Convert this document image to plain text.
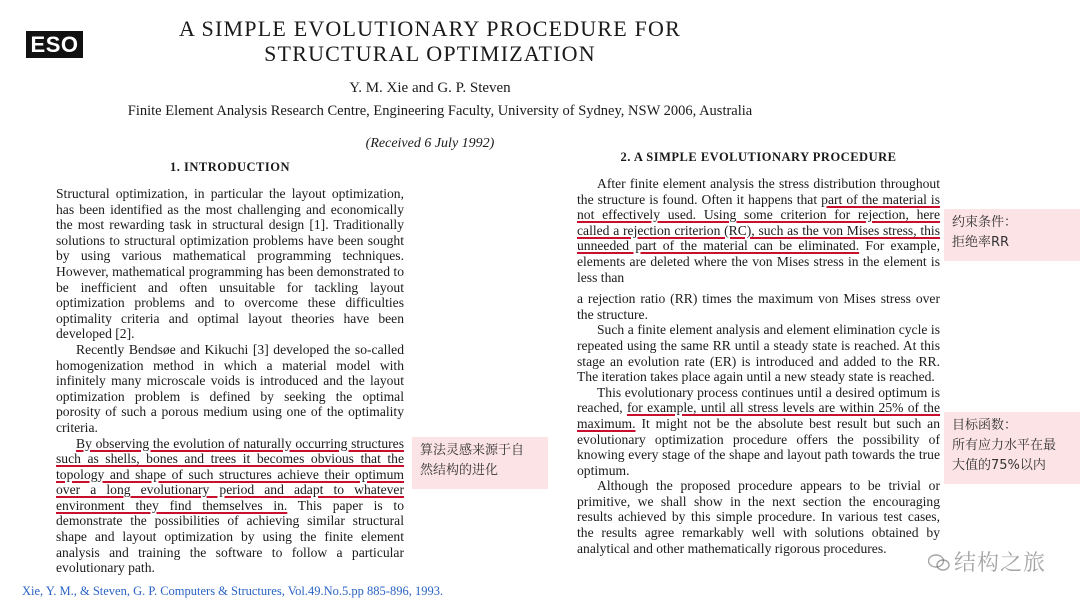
ESO
A SIMPLE EVOLUTIONARY PROCEDURE FOR
STRUCTURAL OPTIMIZATION
Y. M. Xie and G. P. Steven
Finite Element Analysis Research Centre, Engineering Faculty, University of Sydney, NSW 2006, Australia
(Received 6 July 1992)
1. INTRODUCTION

Structural optimization, in particular the layout optimization, has been identified as the most challenging and economically the most rewarding task in structural design [1]. Traditionally solutions to structural optimization problems have been sought by using various mathematical programming techniques. However, mathematical programming has been demonstrated to be inefficient and often unsuitable for tackling layout optimization problems and to overcome these difficulties optimality criteria and optimal layout theories have been developed [2].

Recently Bendsøe and Kikuchi [3] developed the so-called homogenization method in which a material model with infinitely many microscale voids is introduced and the layout optimization problem is defined by seeking the optimal porosity of such a porous medium using one of the optimality criteria.

By observing the evolution of naturally occurring structures such as shells, bones and trees it becomes obvious that the topology and shape of such structures achieve their optimum over a long evolutionary period and adapt to whatever environment they find themselves in. This paper is to demonstrate the possibilities of achieving similar structural shape and layout optimization by using the finite element analysis and training the software to follow a particular evolutionary path.

2. A SIMPLE EVOLUTIONARY PROCEDURE

After finite element analysis the stress distribution throughout the structure is found. Often it happens that part of the material is not effectively used. Using some criterion for rejection, here called a rejection criterion (RC), such as the von Mises stress, this unneeded part of the material can be eliminated. For example, elements are deleted where the von Mises stress in the element is less than

a rejection ratio (RR) times the maximum von Mises stress over the structure.

Such a finite element analysis and element elimination cycle is repeated using the same RR until a steady state is reached. At this stage an evolution rate (ER) is introduced and added to the RR. The iteration takes place again until a new steady state is reached.

This evolutionary process continues until a desired optimum is reached, for example, until all stress levels are within 25% of the maximum. It might not be the absolute best result but such an evolutionary optimization procedure offers the possibility of knowing every stage of the shape and layout path towards the true optimum.

Although the proposed procedure appears to be trivial or primitive, we shall show in the next section the encouraging results achieved by this simple procedure. In various test cases, the results agree remarkably well with solutions obtained by analytical and other mathematically rigorous procedures.

算法灵感来源于自
然结构的进化
约束条件：
拒绝率RR
目标函数：
所有应力水平在最
大值的75%以内
Xie, Y. M., & Steven, G. P. Computers & Structures, Vol.49.No.5.pp 885-896, 1993.
结构之旅
